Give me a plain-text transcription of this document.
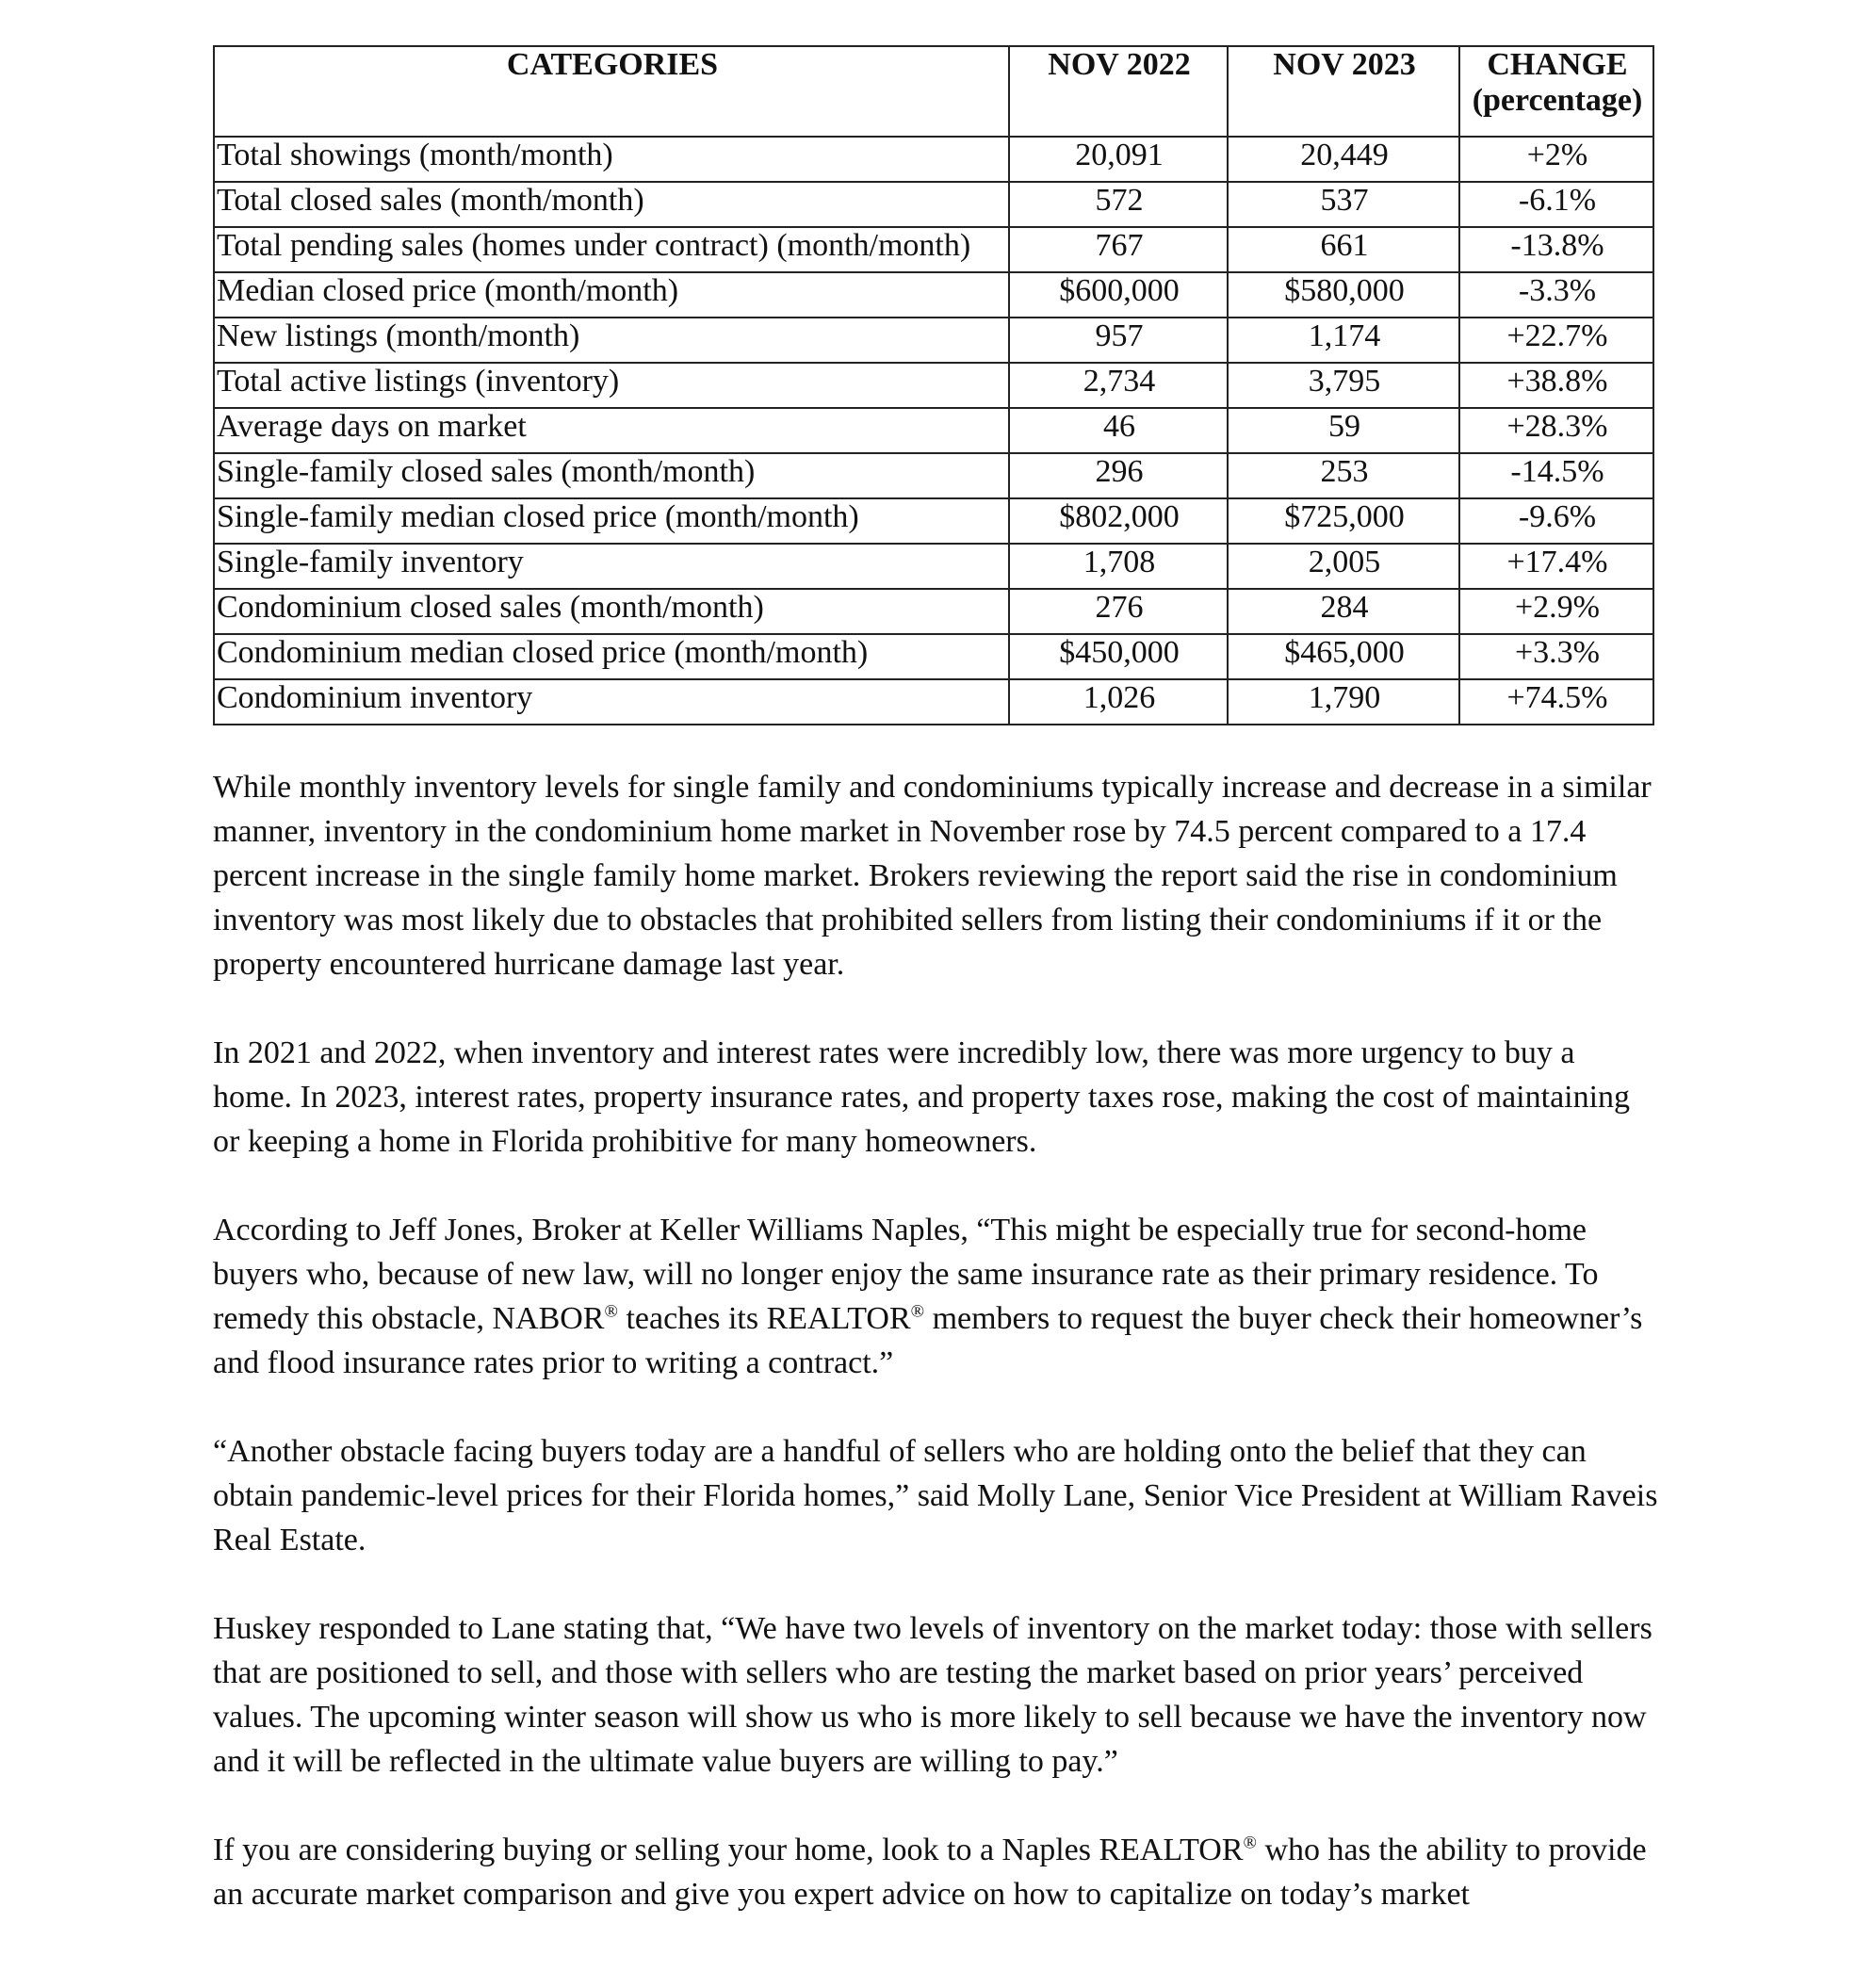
CATEGORIES	NOV 2022	NOV 2023	CHANGE (percentage)
Total showings (month/month)	20,091	20,449	+2%
Total closed sales (month/month)	572	537	-6.1%
Total pending sales (homes under contract) (month/month)	767	661	-13.8%
Median closed price (month/month)	$600,000	$580,000	-3.3%
New listings (month/month)	957	1,174	+22.7%
Total active listings (inventory)	2,734	3,795	+38.8%
Average days on market	46	59	+28.3%
Single-family closed sales (month/month)	296	253	-14.5%
Single-family median closed price (month/month)	$802,000	$725,000	-9.6%
Single-family inventory	1,708	2,005	+17.4%
Condominium closed sales (month/month)	276	284	+2.9%
Condominium median closed price (month/month)	$450,000	$465,000	+3.3%
Condominium inventory	1,026	1,790	+74.5%

While monthly inventory levels for single family and condominiums typically increase and decrease in a similar manner, inventory in the condominium home market in November rose by 74.5 percent compared to a 17.4 percent increase in the single family home market. Brokers reviewing the report said the rise in condominium inventory was most likely due to obstacles that prohibited sellers from listing their condominiums if it or the property encountered hurricane damage last year.

In 2021 and 2022, when inventory and interest rates were incredibly low, there was more urgency to buy a home. In 2023, interest rates, property insurance rates, and property taxes rose, making the cost of maintaining or keeping a home in Florida prohibitive for many homeowners.

According to Jeff Jones, Broker at Keller Williams Naples, “This might be especially true for second-home buyers who, because of new law, will no longer enjoy the same insurance rate as their primary residence. To remedy this obstacle, NABOR® teaches its REALTOR® members to request the buyer check their homeowner’s and flood insurance rates prior to writing a contract.”

“Another obstacle facing buyers today are a handful of sellers who are holding onto the belief that they can obtain pandemic-level prices for their Florida homes,” said Molly Lane, Senior Vice President at William Raveis Real Estate.

Huskey responded to Lane stating that, “We have two levels of inventory on the market today: those with sellers that are positioned to sell, and those with sellers who are testing the market based on prior years’ perceived values. The upcoming winter season will show us who is more likely to sell because we have the inventory now and it will be reflected in the ultimate value buyers are willing to pay.”

If you are considering buying or selling your home, look to a Naples REALTOR® who has the ability to provide an accurate market comparison and give you expert advice on how to capitalize on today’s market
